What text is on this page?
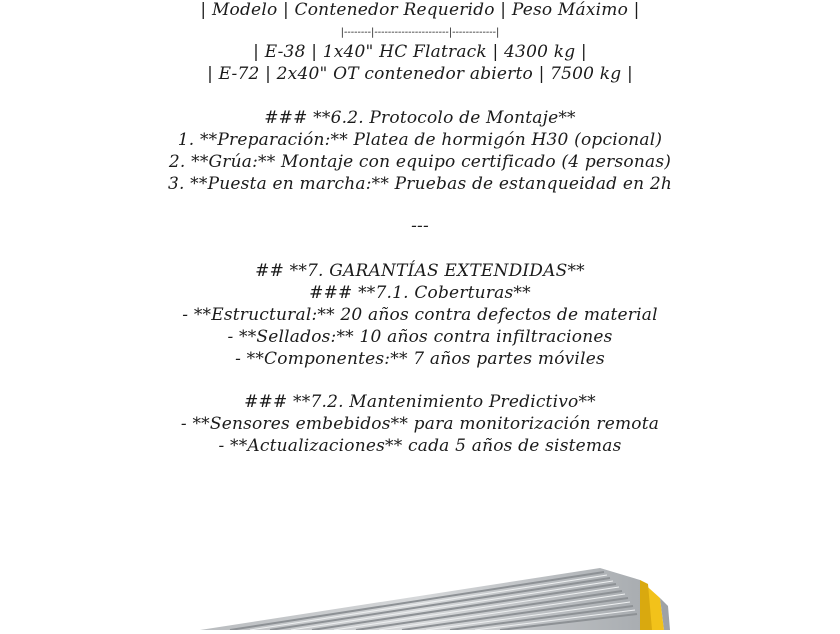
| Modelo | Contenedor Requerido | Peso Máximo |
|--------|----------------------|-------------|
| E-38 | 1x40" HC Flatrack | 4300 kg |
| E-72 | 2x40" OT contenedor abierto | 7500 kg |
### **6.2. Protocolo de Montaje**
1. **Preparación:** Platea de hormigón H30 (opcional)
2. **Grúa:** Montaje con equipo certificado (4 personas)
3. **Puesta en marcha:** Pruebas de estanqueidad en 2h
---
## **7. GARANTÍAS EXTENDIDAS**
### **7.1. Coberturas**
- **Estructural:** 20 años contra defectos de material
- **Sellados:** 10 años contra infiltraciones
- **Componentes:** 7 años partes móviles
### **7.2. Mantenimiento Predictivo**
- **Sensores embebidos** para monitorización remota
- **Actualizaciones** cada 5 años de sistemas
